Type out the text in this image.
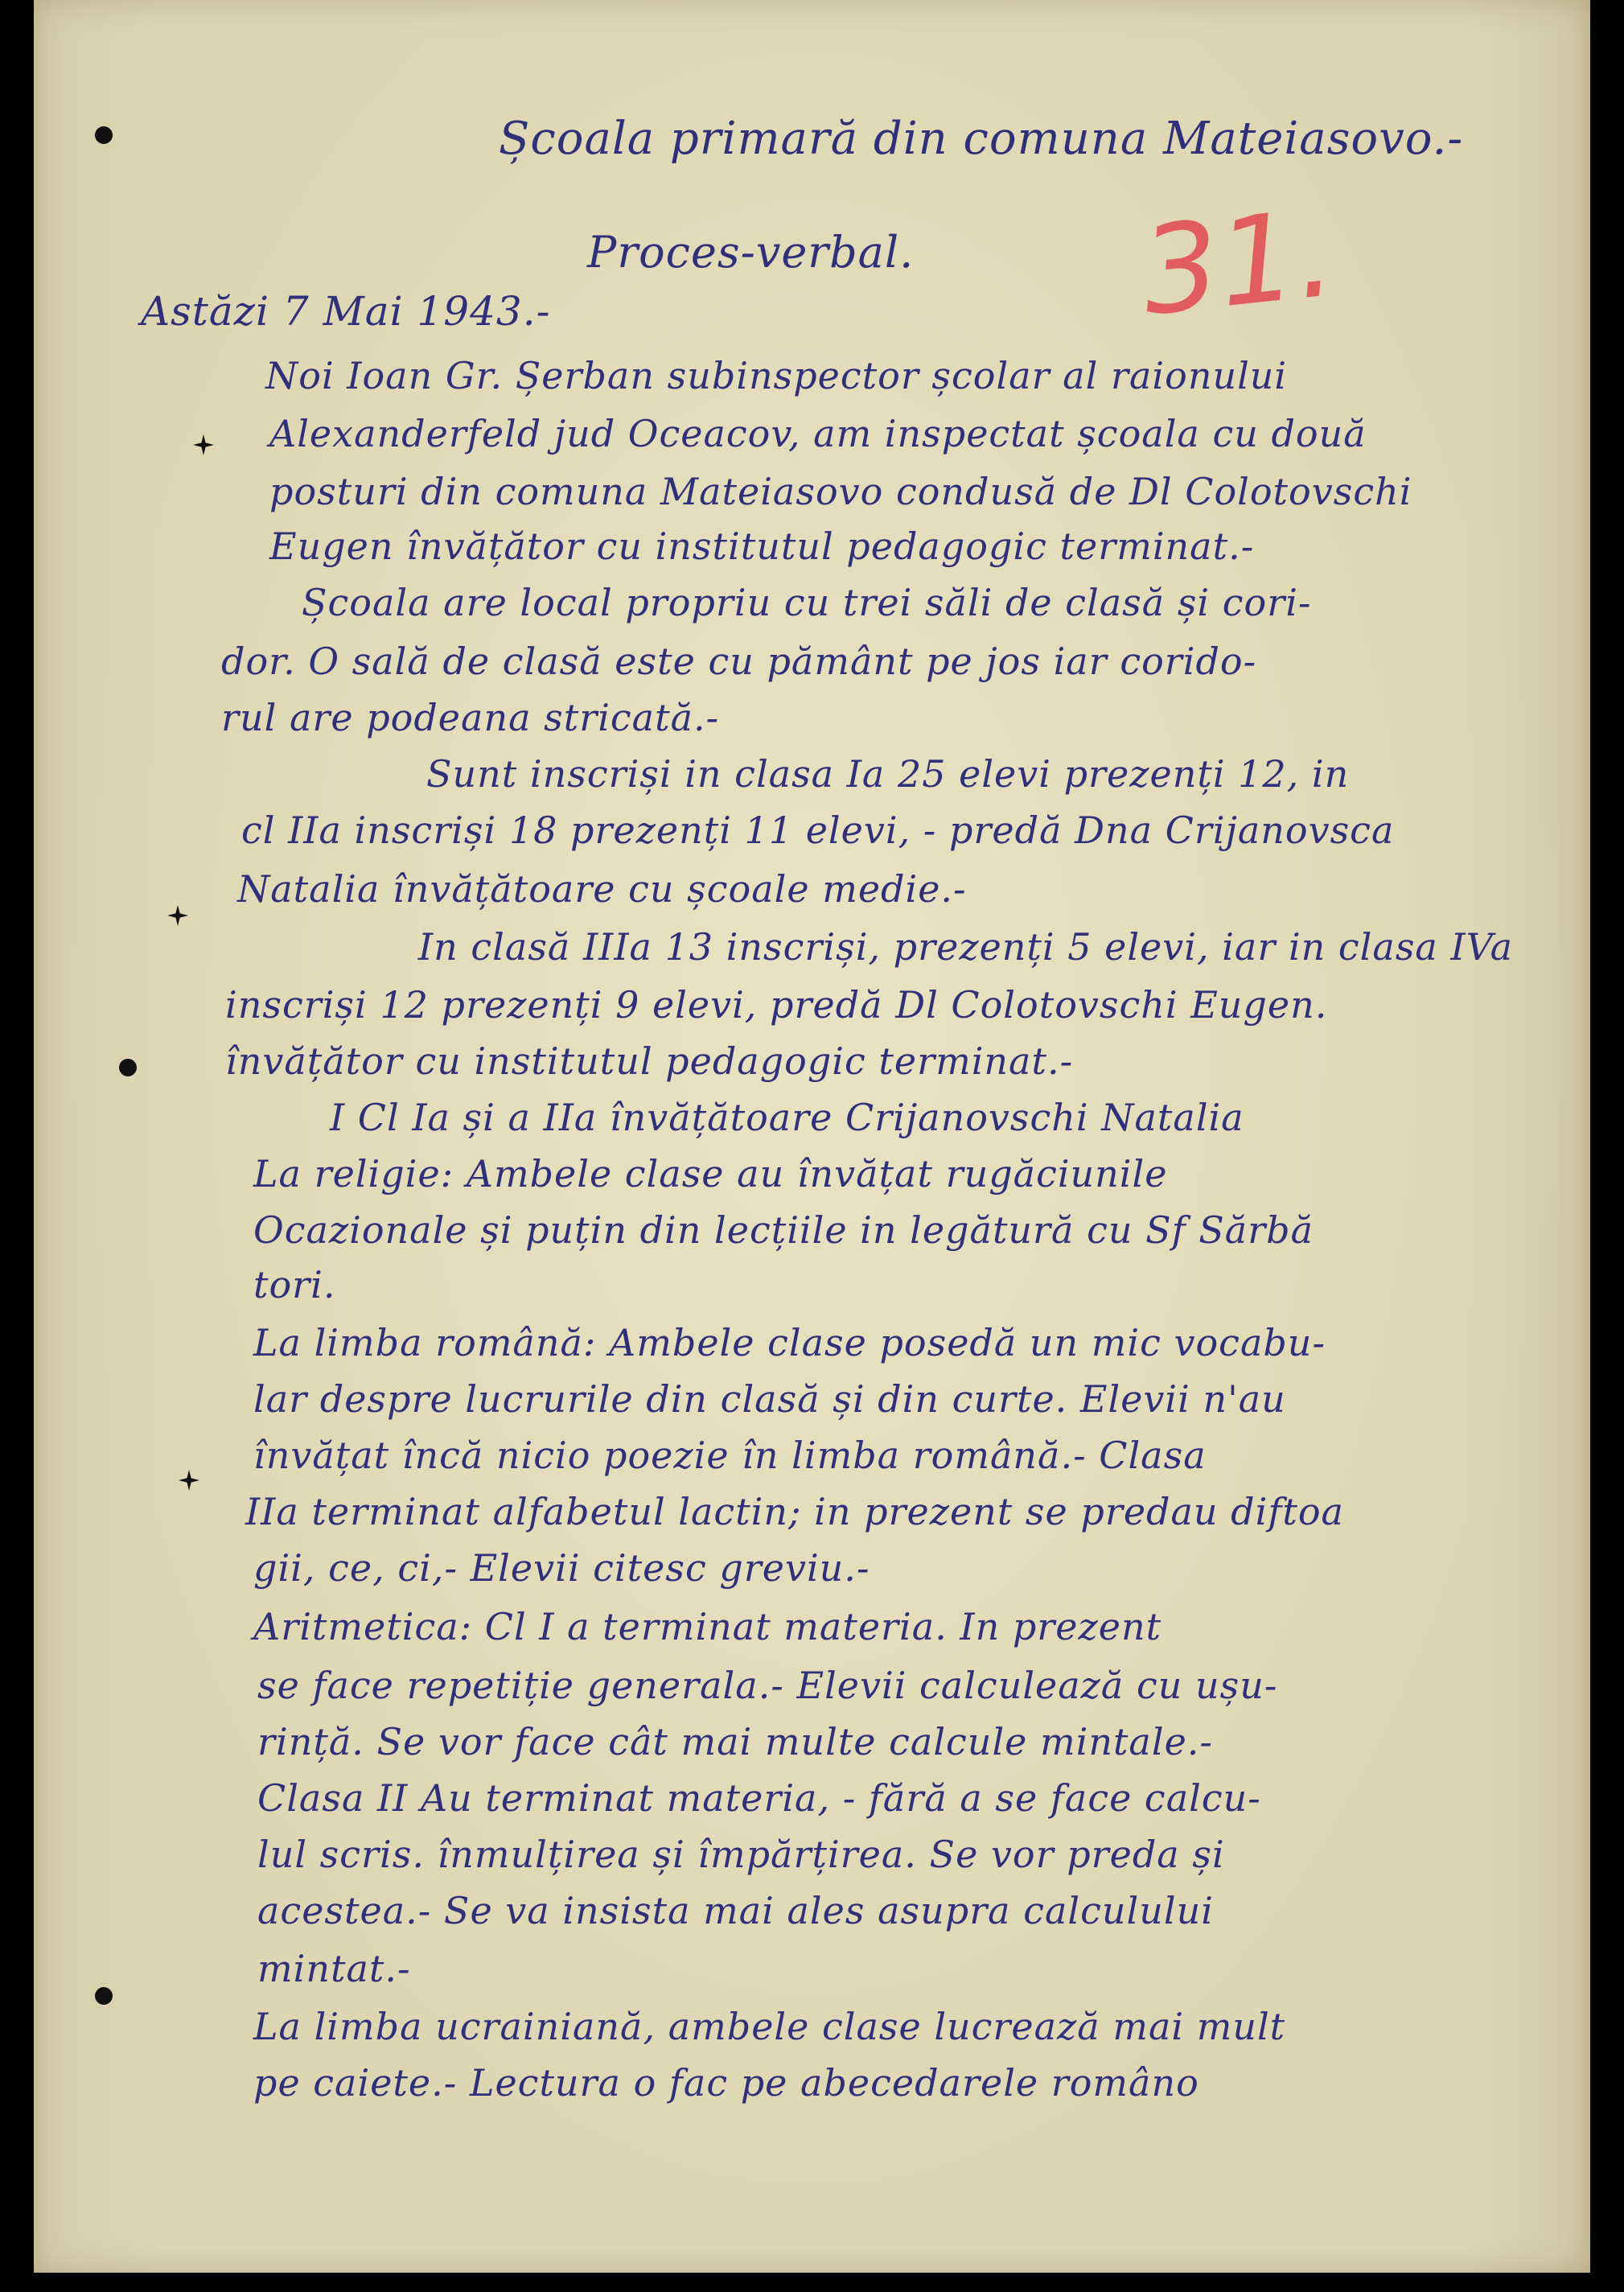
Școala primară din comuna Mateiasovo.-
Proces-verbal. 31.
Astăzi 7 Mai 1943.-
Noi Ioan Gr. Șerban subinspector școlar al raionului
Alexanderfeld jud Oceacov, am inspectat școala cu două
posturi din comuna Mateiasovo condusă de Dl Colotovschi
Eugen învățător cu institutul pedagogic terminat.-
Școala are local propriu cu trei săli de clasă și cori-
dor. O sală de clasă este cu pământ pe jos iar corido-
rul are podeana stricată.-
Sunt inscriși in clasa Ia 25 elevi prezenți 12, in
cl IIa inscriși 18 prezenți 11 elevi, - predă Dna Crijanovsca
Natalia învățătoare cu școale medie.-
In clasă IIIa 13 inscriși, prezenți 5 elevi, iar in clasa IVa
inscriși 12 prezenți 9 elevi, predă Dl Colotovschi Eugen.
învățător cu institutul pedagogic terminat.-
I Cl Ia și a IIa învățătoare Crijanovschi Natalia
La religie: Ambele clase au învățat rugăciunile
Ocazionale și puțin din lecțiile in legătură cu Sf Sărbă
tori.
La limba română: Ambele clase posedă un mic vocabu-
lar despre lucrurile din clasă și din curte. Elevii n'au
învățat încă nicio poezie în limba română.- Clasa
IIa terminat alfabetul lactin; in prezent se predau diftoa
gii, ce, ci,- Elevii citesc greviu.-
Aritmetica: Cl I a terminat materia. In prezent
se face repetiție generala.- Elevii calculează cu ușu-
rință. Se vor face cât mai multe calcule mintale.-
Clasa II Au terminat materia, - fără a se face calcu-
lul scris. înmulțirea și împărțirea. Se vor preda și
acestea.- Se va insista mai ales asupra calculului
mintat.-
La limba ucrainiană, ambele clase lucrează mai mult
pe caiete.- Lectura o fac pe abecedarele româno
